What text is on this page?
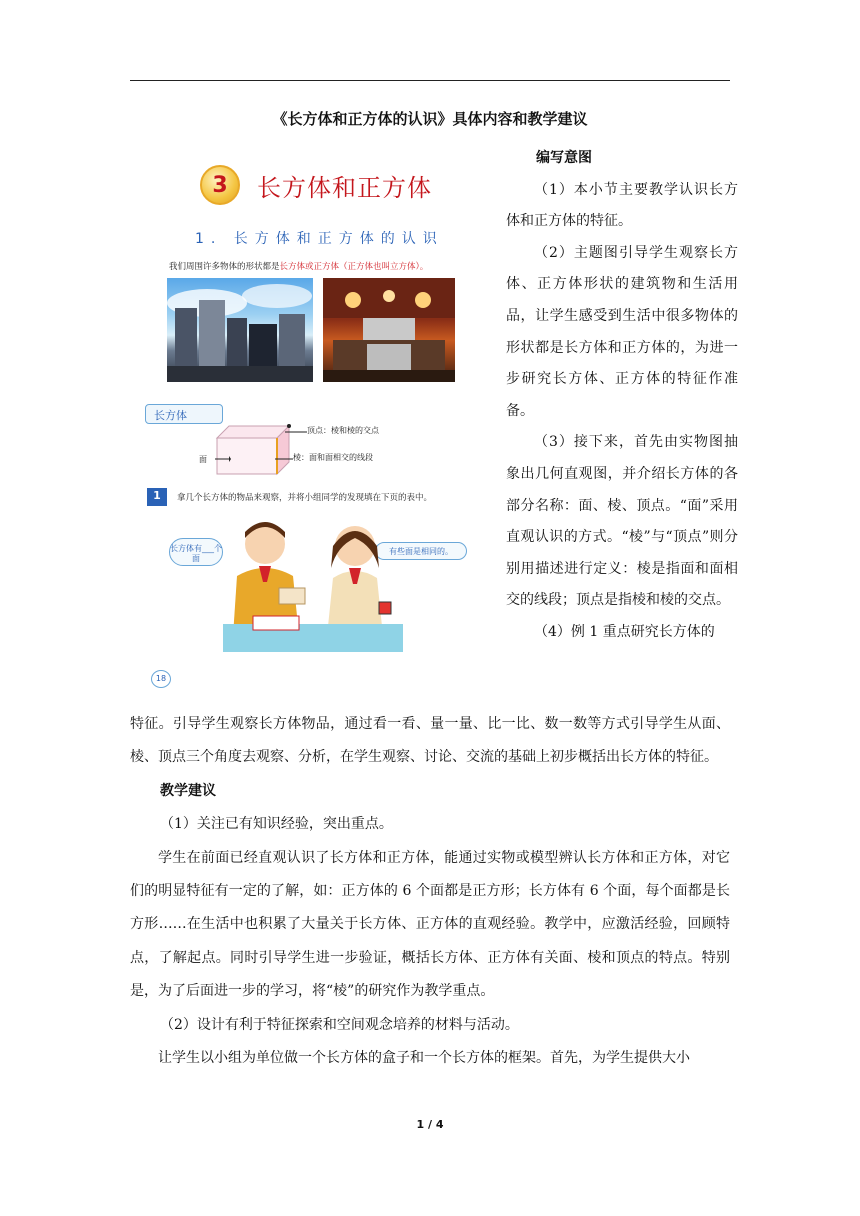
《长方体和正方体的认识》具体内容和教学建议
3	长方体和正方体
1. 长方体和正方体的认识
我们周围许多物体的形状都是长方体或正方体（正方体也叫立方体）。
长方体
顶点：棱和棱的交点
棱：面和面相交的线段
面
1	拿几个长方体的物品来观察，并将小组同学的发现填在下页的表中。
长方体有___个面
有些面是相同的。
18
编写意图

（1）本小节主要教学认识长方体和正方体的特征。

（2）主题图引导学生观察长方体、正方体形状的建筑物和生活用品，让学生感受到生活中很多物体的形状都是长方体和正方体的，为进一步研究长方体、正方体的特征作准备。

（3）接下来，首先由实物图抽象出几何直观图，并介绍长方体的各部分名称：面、棱、顶点。“面”采用直观认识的方式。“棱”与“顶点”则分别用描述进行定义：棱是指面和面相交的线段；顶点是指棱和棱的交点。

（4）例 1 重点研究长方体的

特征。引导学生观察长方体物品，通过看一看、量一量、比一比、数一数等方式引导学生从面、棱、顶点三个角度去观察、分析，在学生观察、讨论、交流的基础上初步概括出长方体的特征。

教学建议

（1）关注已有知识经验，突出重点。

学生在前面已经直观认识了长方体和正方体，能通过实物或模型辨认长方体和正方体，对它们的明显特征有一定的了解，如：正方体的 6 个面都是正方形；长方体有 6 个面，每个面都是长方形……在生活中也积累了大量关于长方体、正方体的直观经验。教学中，应激活经验，回顾特点，了解起点。同时引导学生进一步验证，概括长方体、正方体有关面、棱和顶点的特点。特别是，为了后面进一步的学习，将“棱”的研究作为教学重点。

（2）设计有利于特征探索和空间观念培养的材料与活动。

让学生以小组为单位做一个长方体的盒子和一个长方体的框架。首先，为学生提供大小

1 / 4
